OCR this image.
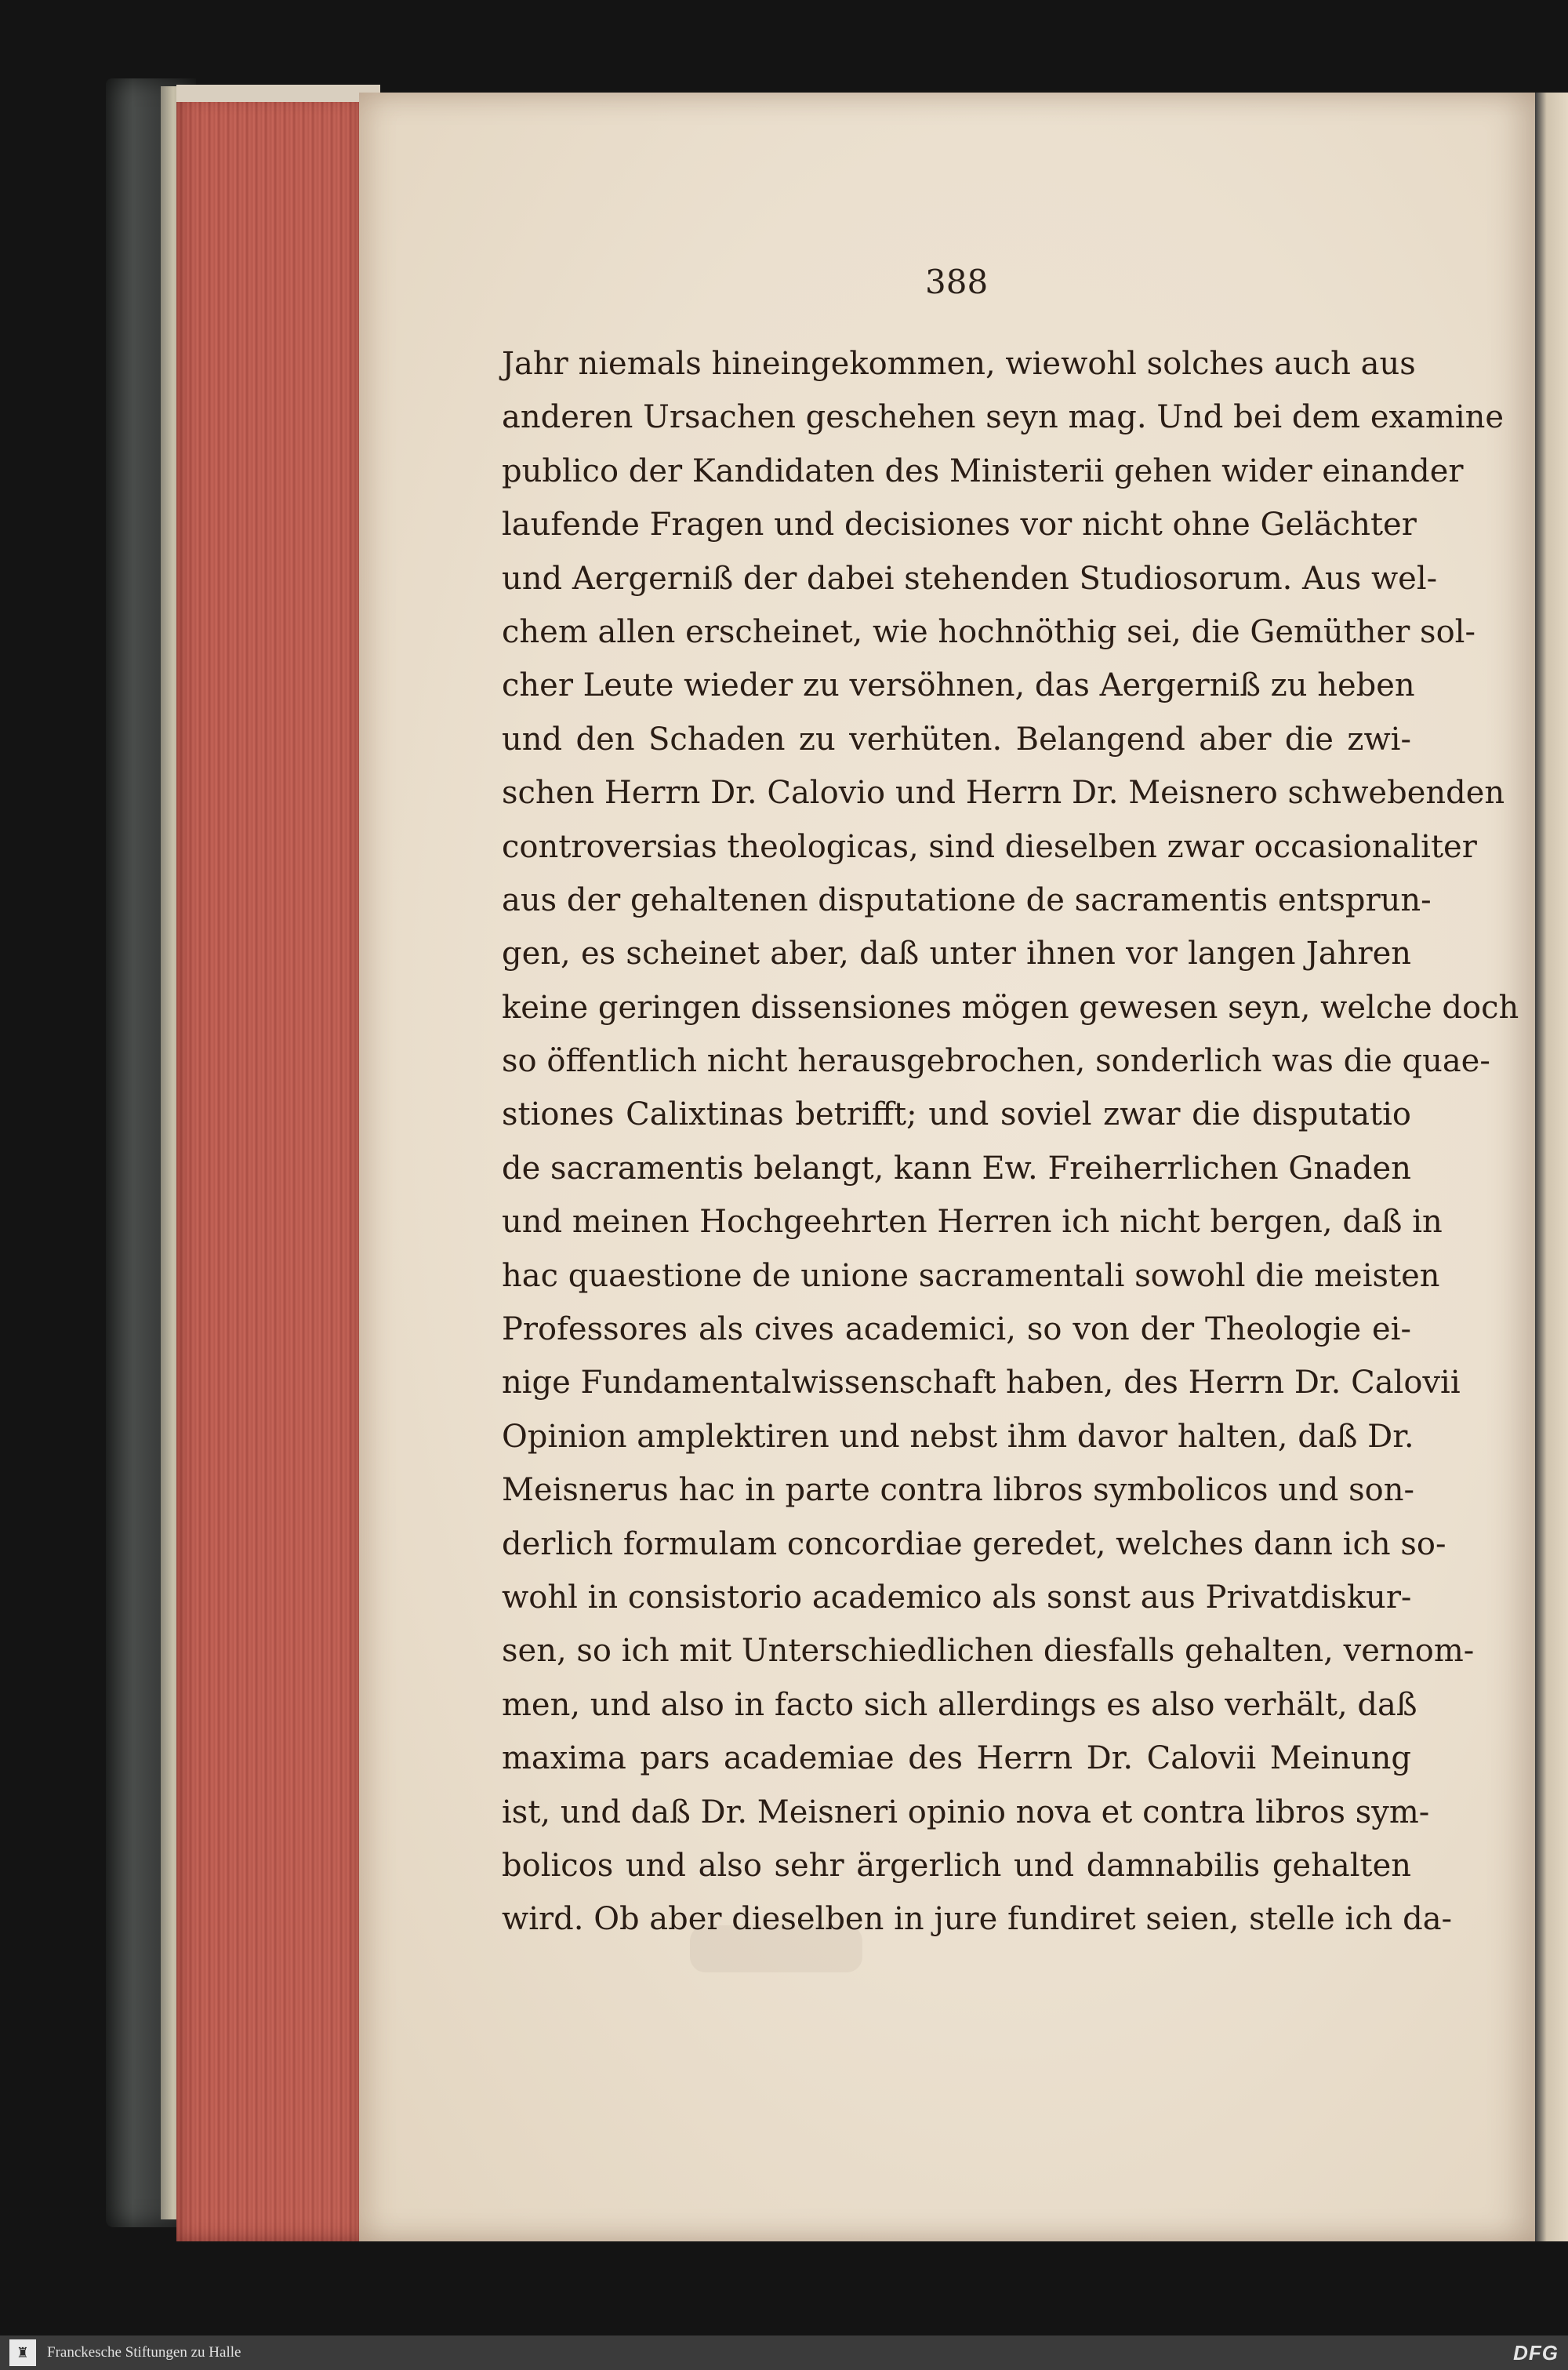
388
Jahr niemals hineingekommen, wiewohl solches auch aus
anderen Ursachen geschehen seyn mag. Und bei dem examine
publico der Kandidaten des Ministerii gehen wider einander
laufende Fragen und decisiones vor nicht ohne Gelächter
und Aergerniß der dabei stehenden Studiosorum. Aus wel-
chem allen erscheinet, wie hochnöthig sei, die Gemüther sol-
cher Leute wieder zu versöhnen, das Aergerniß zu heben
und den Schaden zu verhüten. Belangend aber die zwi-
schen Herrn Dr. Calovio und Herrn Dr. Meisnero schwebenden
controversias theologicas, sind dieselben zwar occasionaliter
aus der gehaltenen disputatione de sacramentis entsprun-
gen, es scheinet aber, daß unter ihnen vor langen Jahren
keine geringen dissensiones mögen gewesen seyn, welche doch
so öffentlich nicht herausgebrochen, sonderlich was die quae-
stiones Calixtinas betrifft; und soviel zwar die disputatio
de sacramentis belangt, kann Ew. Freiherrlichen Gnaden
und meinen Hochgeehrten Herren ich nicht bergen, daß in
hac quaestione de unione sacramentali sowohl die meisten
Professores als cives academici, so von der Theologie ei-
nige Fundamentalwissenschaft haben, des Herrn Dr. Calovii
Opinion amplektiren und nebst ihm davor halten, daß Dr.
Meisnerus hac in parte contra libros symbolicos und son-
derlich formulam concordiae geredet, welches dann ich so-
wohl in consistorio academico als sonst aus Privatdiskur-
sen, so ich mit Unterschiedlichen diesfalls gehalten, vernom-
men, und also in facto sich allerdings es also verhält, daß
maxima pars academiae des Herrn Dr. Calovii Meinung
ist, und daß Dr. Meisneri opinio nova et contra libros sym-
bolicos und also sehr ärgerlich und damnabilis gehalten
wird. Ob aber dieselben in jure fundiret seien, stelle ich da-
♜	Franckesche Stiftungen zu Halle	DFG
